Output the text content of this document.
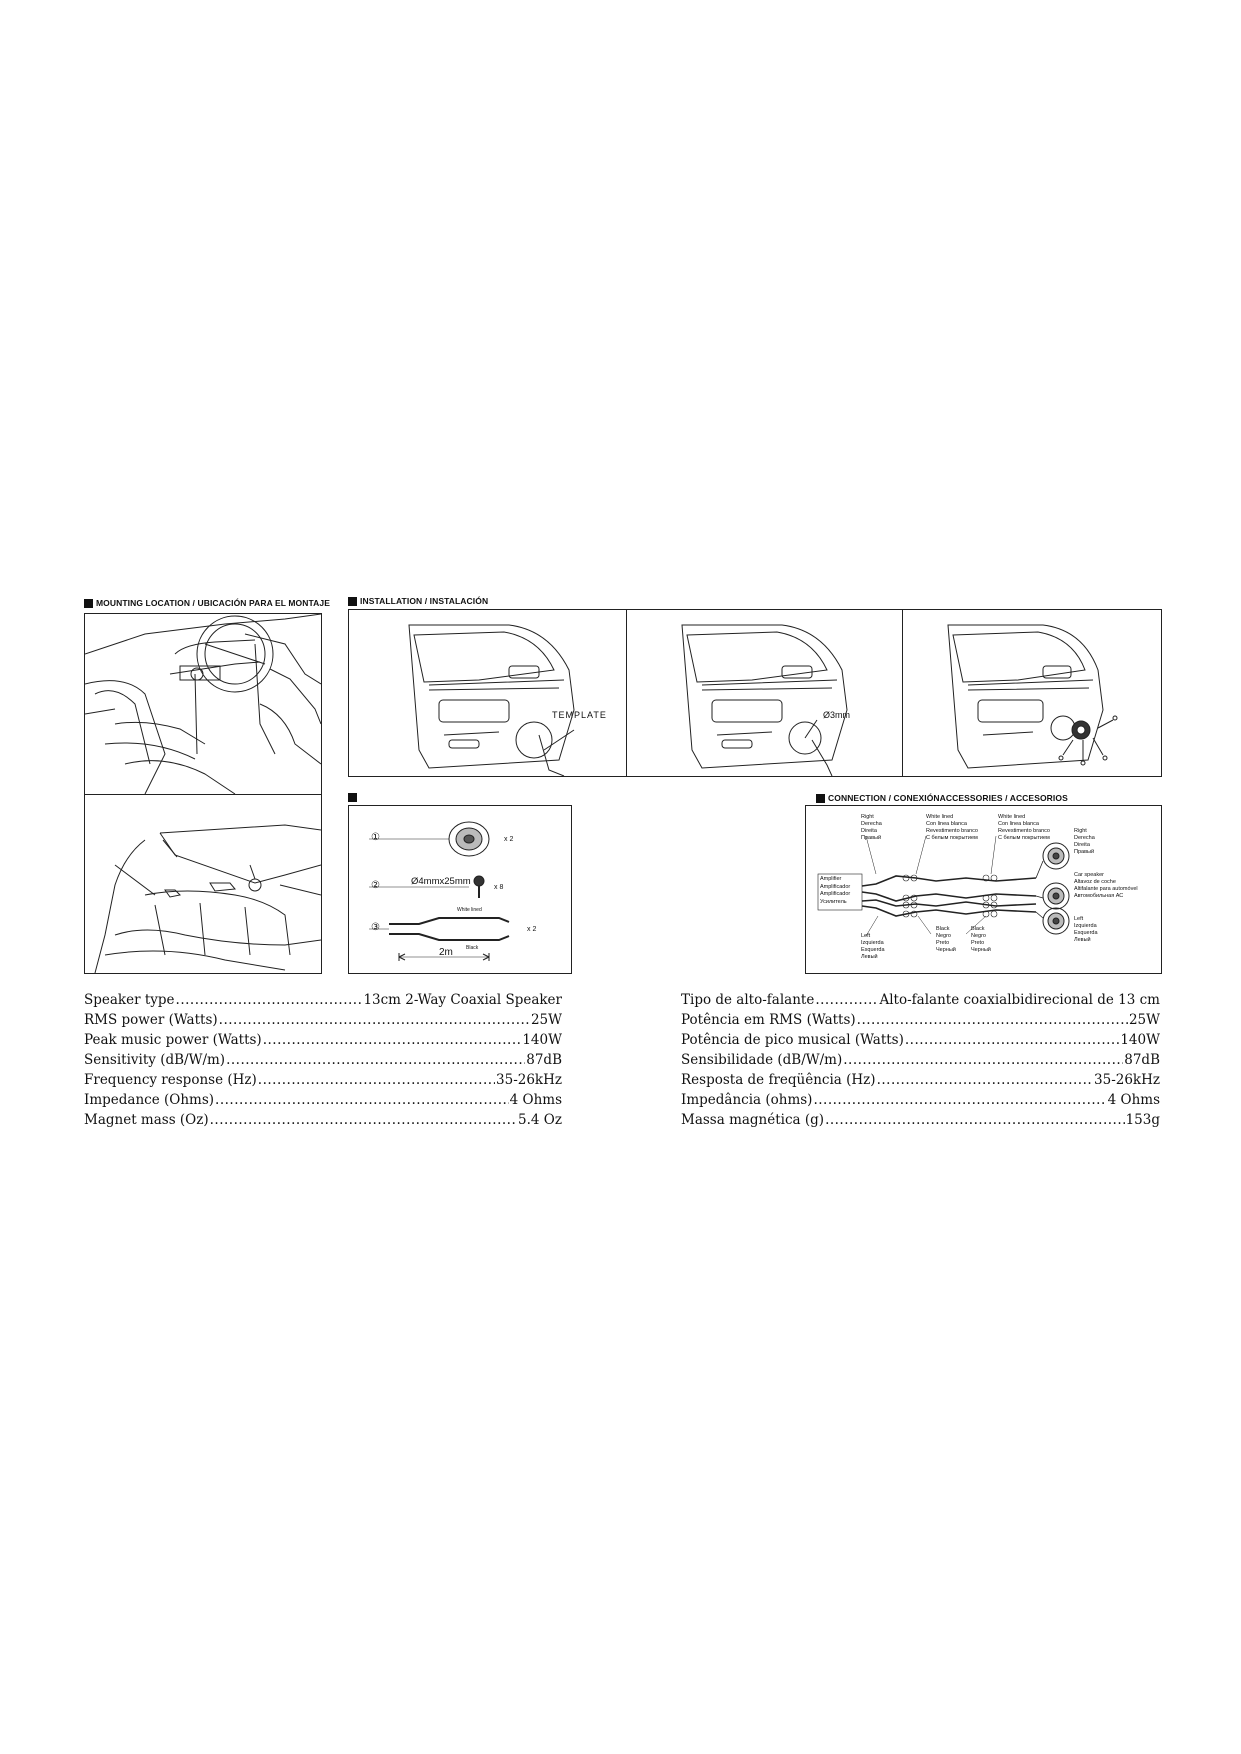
MOUNTING LOCATION / UBICACIÓN PARA EL MONTAJE	INSTALLATION / INSTALACIÓN
CONNECTION / CONEXIÓNACCESSORIES / ACCESORIOS
TEMPLATE	Ø3mm
①	x 2
②	Ø4mmx25mm
x 8
③
White lined
Black
x 2
2m
Right
Derecha
Direita
Правый
White lined
Con linea blanca
Revestimento branco
С белым покрытием
White lined
Con linea blanca
Revestimento branco
С белым покрытием
Amplifier
Amplificador
Amplificador
Усилитель
Right
Derecha
Direita
Правый
Car speaker
Altavoz de coche
Altifalante para automóvel
Автомобильная АС
Left
Izquierda
Esquerda
Левый
Left
Izquierda
Esquerda
Левый
Black
Negro
Preto
Черный
Black
Negro
Preto
Черный
Speaker type .....	13cm 2-Way Coaxial Speaker
RMS power (Watts) .....	25W
Peak music power (Watts) .....	140W
Sensitivity (dB/W/m) .....	87dB
Frequency response (Hz) .....	35-26kHz
Impedance (Ohms) .....	4 Ohms
Magnet mass (Oz) .....	5.4 Oz
Tipo de alto-falante .....	Alto-falante coaxialbidirecional de 13 cm
Potência em RMS (Watts) .....	25W
Potência de pico musical (Watts) .....	140W
Sensibilidade (dB/W/m) .....	87dB
Resposta de freqüência (Hz) .....	35-26kHz
Impedância (ohms) .....	4 Ohms
Massa magnética (g) .....	153g
